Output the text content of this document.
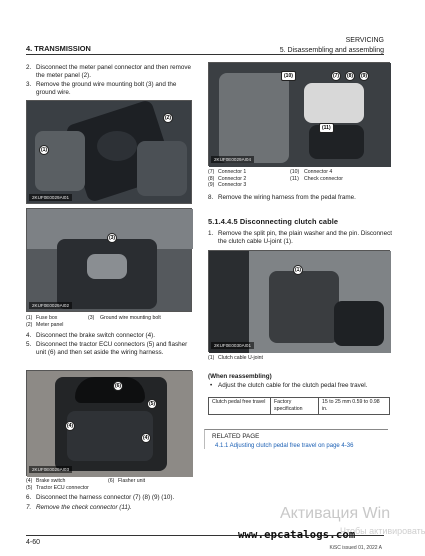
SERVICING
5. Disassembling and assembling
4. TRANSMISSION
2. Disconnect the meter panel connector and then remove the meter panel (2).
3. Remove the ground wire mounting bolt (3) and the ground wire.
(2)
(1)
2KUF0E0029AI01
(3)
2KUF0E0029AI02
(1) Fuse box	(3)	Ground wire mounting bolt
(2) Meter panel
4. Disconnect the brake switch connector (4).
5. Disconnect the tractor ECU connectors (5) and flasher unit (6) and then set aside the wiring harness.
(6)
(5)
(4)
(4)
2KUF0E0029AI03
(4) Brake switch	(6) Flasher unit
(5) Tractor ECU connector
6. Disconnect the harness connector (7) (8) (9) (10).
7. Remove the check connector (11).
(10)	(7)	(8)	(9)
(11)
2KUF0E0029AI04
(7) Connector 1	(10) Connector 4
(8) Connector 2	(11) Check connector
(9) Connector 3
8. Remove the wiring harness from the pedal frame.
5.1.4.4.5 Disconnecting clutch cable
1. Remove the split pin, the plain washer and the pin. Disconnect the clutch cable U-joint (1).
(1)
2KUF0E0030AI01
(1) Clutch cable U-joint
(When reassembling)
• Adjust the clutch cable for the clutch pedal free travel.
Clutch pedal free travel	Factory specification	15 to 25 mm 0.59 to 0.98 in.
RELATED PAGE
4.1.1 Adjusting clutch pedal free travel on page 4-36
Активация Win
Чтобы активировать
4-60
www.epcatalogs.com
KiSC issued 01, 2022 A
